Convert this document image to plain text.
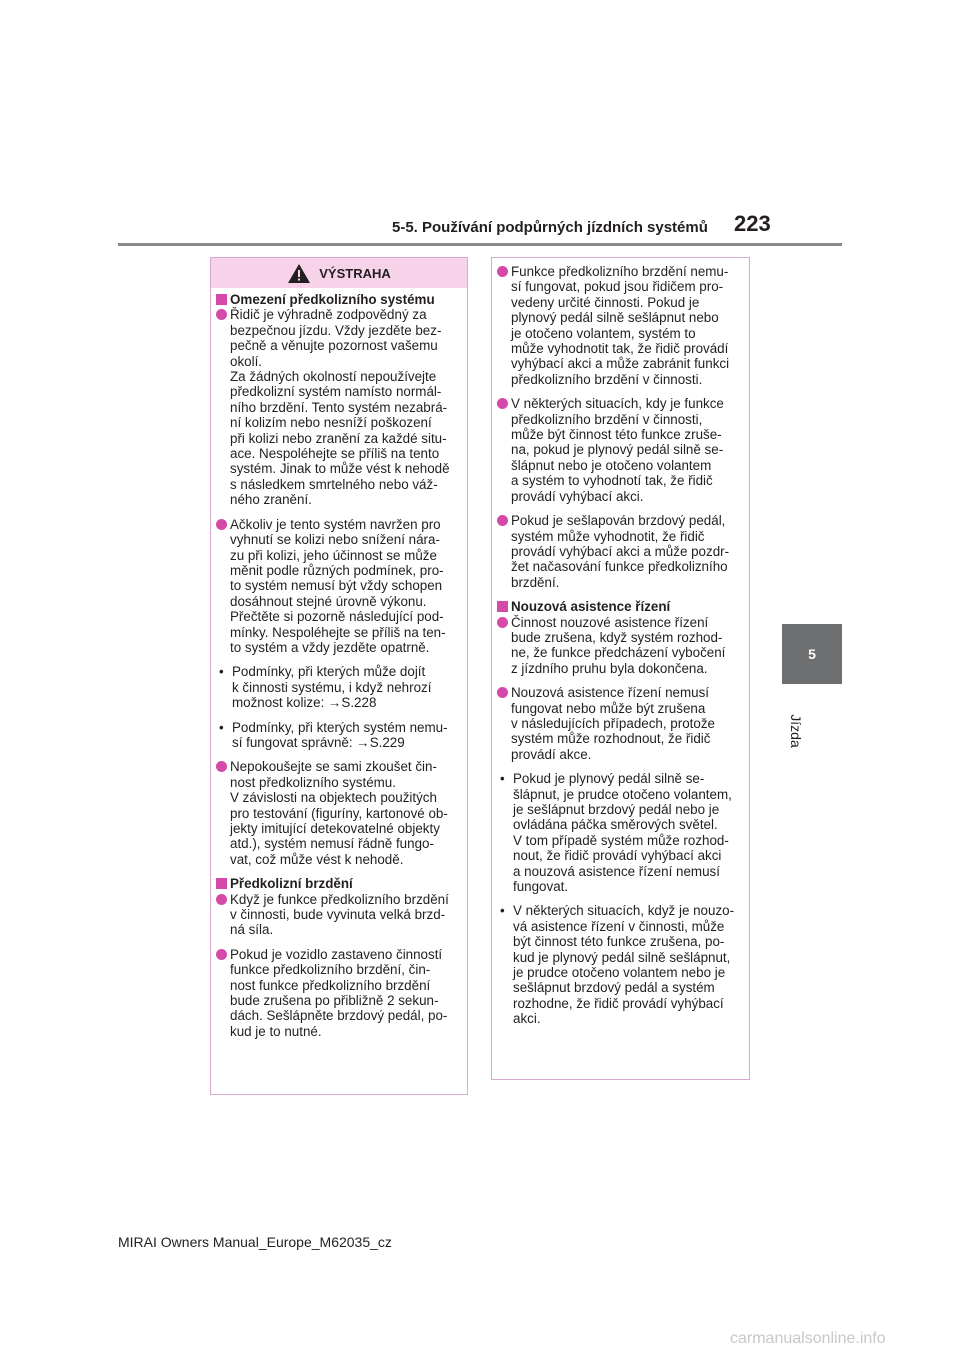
5-5. Používání podpůrných jízdních systémů 223
5
Jízda
VÝSTRAHA
Omezení předkolizního systému
Řidič je výhradně zodpovědný za
bezpečnou jízdu. Vždy jezděte bez-
pečně a věnujte pozornost vašemu
okolí.
Za žádných okolností nepoužívejte
předkolizní systém namísto normál-
ního brzdění. Tento systém nezabrá-
ní kolizím nebo nesníží poškození
při kolizi nebo zranění za každé situ-
ace. Nespoléhejte se příliš na tento
systém. Jinak to může vést k nehodě
s následkem smrtelného nebo váž-
ného zranění.
Ačkoliv je tento systém navržen pro
vyhnutí se kolizi nebo snížení nára-
zu při kolizi, jeho účinnost se může
měnit podle různých podmínek, pro-
to systém nemusí být vždy schopen
dosáhnout stejné úrovně výkonu.
Přečtěte si pozorně následující pod-
mínky. Nespoléhejte se příliš na ten-
to systém a vždy jezděte opatrně.
• Podmínky, při kterých může dojít
k činnosti systému, i když nehrozí
možnost kolize: →S.228
• Podmínky, při kterých systém nemu-
sí fungovat správně: →S.229
Nepokoušejte se sami zkoušet čin-
nost předkolizního systému.
V závislosti na objektech použitých
pro testování (figuríny, kartonové ob-
jekty imitující detekovatelné objekty
atd.), systém nemusí řádně fungo-
vat, což může vést k nehodě.
Předkolizní brzdění
Když je funkce předkolizního brzdění
v činnosti, bude vyvinuta velká brzd-
ná síla.
Pokud je vozidlo zastaveno činností
funkce předkolizního brzdění, čin-
nost funkce předkolizního brzdění
bude zrušena po přibližně 2 sekun-
dách. Sešlápněte brzdový pedál, po-
kud je to nutné.
Funkce předkolizního brzdění nemu-
sí fungovat, pokud jsou řidičem pro-
vedeny určité činnosti. Pokud je
plynový pedál silně sešlápnut nebo
je otočeno volantem, systém to
může vyhodnotit tak, že řidič provádí
vyhýbací akci a může zabránit funkci
předkolizního brzdění v činnosti.
V některých situacích, kdy je funkce
předkolizního brzdění v činnosti,
může být činnost této funkce zruše-
na, pokud je plynový pedál silně se-
šlápnut nebo je otočeno volantem
a systém to vyhodnotí tak, že řidič
provádí vyhýbací akci.
Pokud je sešlapován brzdový pedál,
systém může vyhodnotit, že řidič
provádí vyhýbací akci a může pozdr-
žet načasování funkce předkolizního
brzdění.
Nouzová asistence řízení
Činnost nouzové asistence řízení
bude zrušena, když systém rozhod-
ne, že funkce předcházení vybočení
z jízdního pruhu byla dokončena.
Nouzová asistence řízení nemusí
fungovat nebo může být zrušena
v následujících případech, protože
systém může rozhodnout, že řidič
provádí akce.
• Pokud je plynový pedál silně se-
šlápnut, je prudce otočeno volantem,
je sešlápnut brzdový pedál nebo je
ovládána páčka směrových světel.
V tom případě systém může rozhod-
nout, že řidič provádí vyhýbací akci
a nouzová asistence řízení nemusí
fungovat.
• V některých situacích, když je nouzo-
vá asistence řízení v činnosti, může
být činnost této funkce zrušena, po-
kud je plynový pedál silně sešlápnut,
je prudce otočeno volantem nebo je
sešlápnut brzdový pedál a systém
rozhodne, že řidič provádí vyhýbací
akci.
MIRAI Owners Manual_Europe_M62035_cz
carmanualsonline.info
